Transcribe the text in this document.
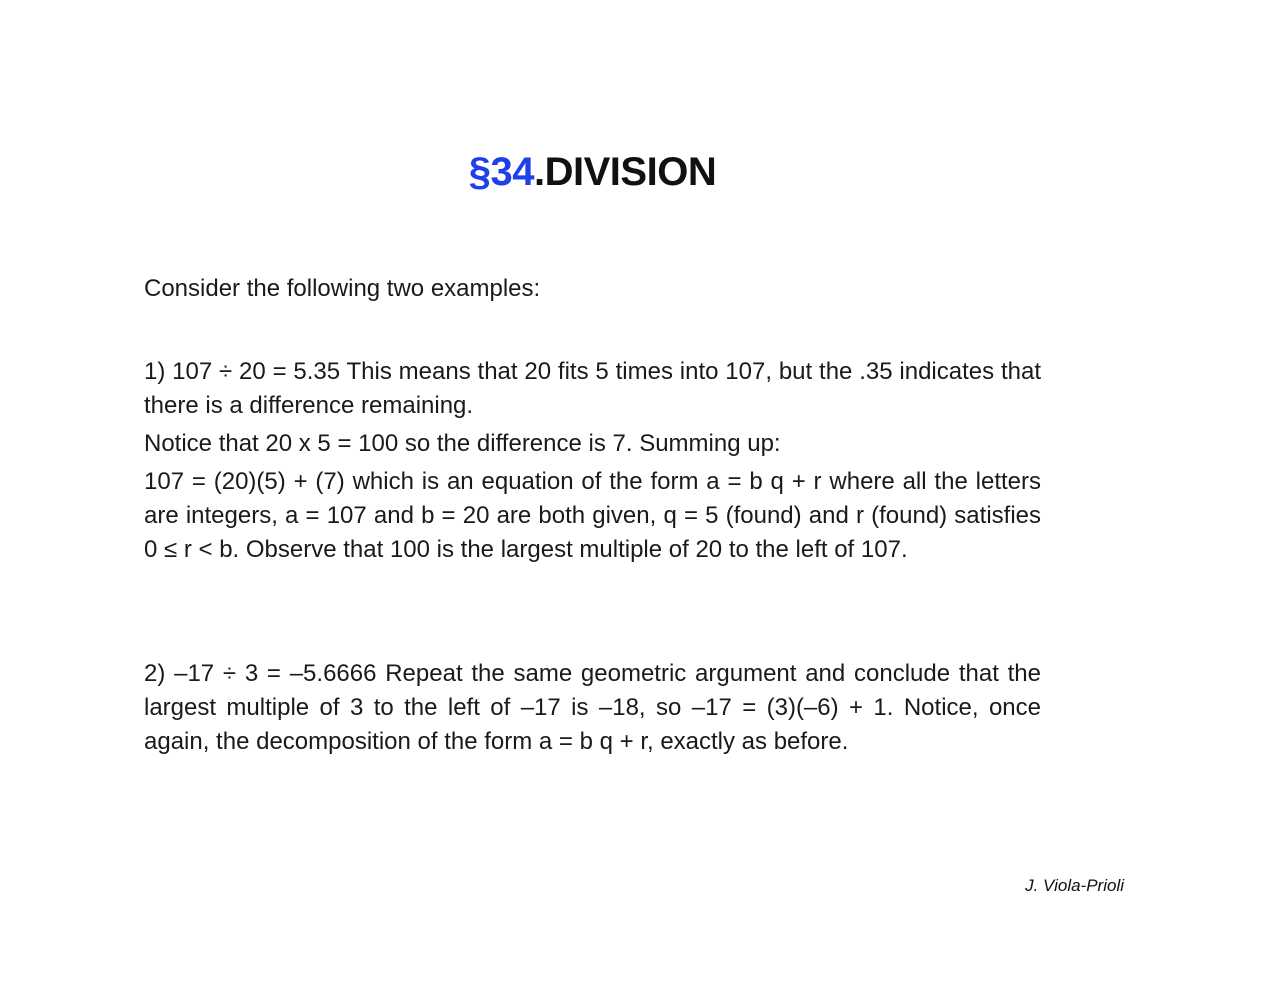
§34.DIVISION

Consider the following two examples:

1) 107 ÷ 20 = 5.35 This means that 20 fits 5 times into 107, but the .35 indicates that there is a difference remaining.

Notice that 20 x 5 = 100 so the difference is 7. Summing up:

107 = (20)(5) + (7) which is an equation of the form a = b q + r where all the letters are integers, a = 107 and b = 20 are both given, q = 5 (found) and r (found) satisfies 0 ≤ r < b. Observe that 100 is the largest multiple of 20 to the left of 107.

2) –17 ÷ 3 = –5.6666 Repeat the same geometric argument and conclude that the largest multiple of 3 to the left of –17 is –18, so –17 = (3)(–6) + 1. Notice, once again, the decomposition of the form a = b q + r, exactly as before.

J. Viola-Prioli
